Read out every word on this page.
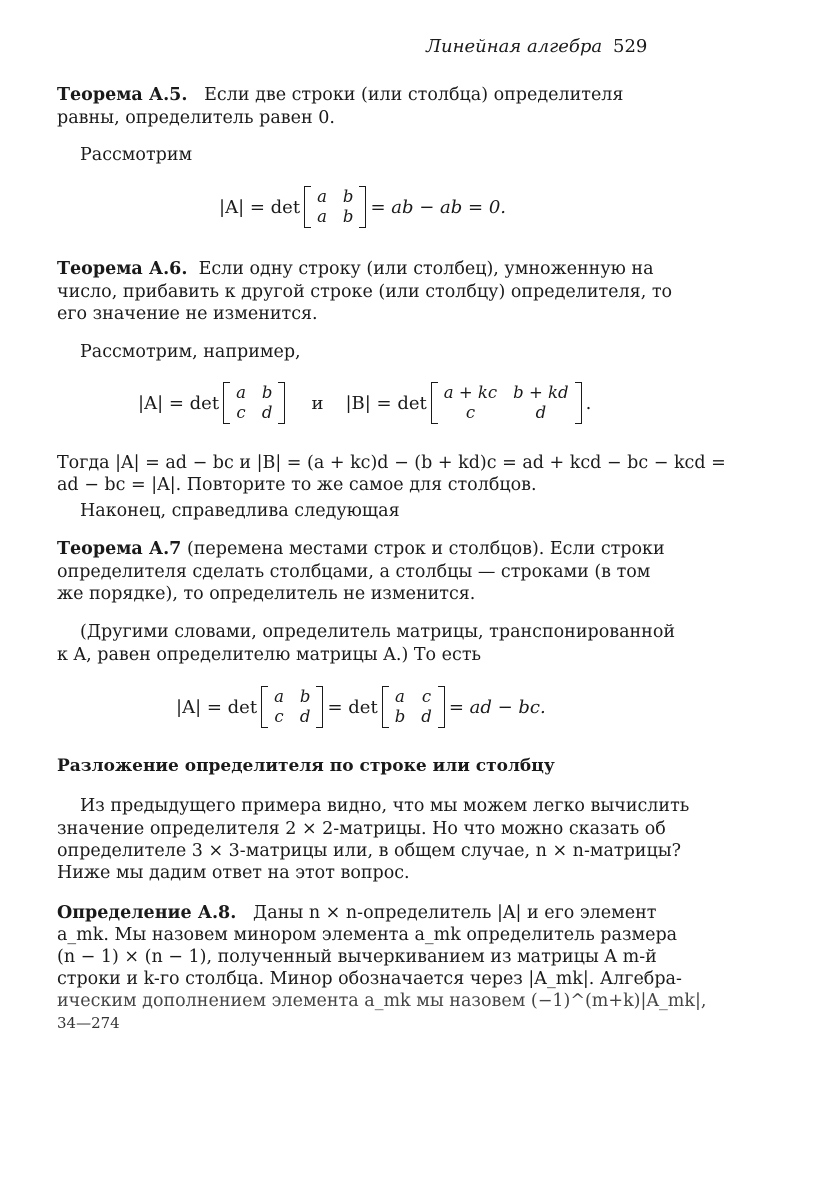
Линейная алгебра 529
Теорема А.5. Если две строки (или столбца) определителя
равны, определитель равен 0.
Рассмотрим
|A| = det a b
a b = ab − ab = 0.
Теорема А.6. Если одну строку (или столбец), умноженную на
число, прибавить к другой строке (или столбцу) определителя, то
его значение не изменится.
Рассмотрим, например,
|A| = det a b
c d и |B| = det a + kc b + kd
c	d	.
Тогда |A| = ad − bc и |B| = (a + kc)d − (b + kd)c = ad + kcd − bc − kcd =
ad − bc = |A|. Повторите то же самое для столбцов.
Наконец, справедлива следующая
Теорема А.7 (перемена местами строк и столбцов). Если строки
определителя сделать столбцами, а столбцы — строками (в том
же порядке), то определитель не изменится.
(Другими словами, определитель матрицы, транспонированной
к A, равен определителю матрицы A.) То есть
|A| = det a b
c d = det a c
b d = ad − bc.
Разложение определителя по строке или столбцу
Из предыдущего примера видно, что мы можем легко вычислить
значение определителя 2 × 2-матрицы. Но что можно сказать об
определителе 3 × 3-матрицы или, в общем случае, n × n-матрицы?
Ниже мы дадим ответ на этот вопрос.
Определение А.8. Даны n × n-определитель |A| и его элемент
a_mk. Мы назовем минором элемента a_mk определитель размера
(n − 1) × (n − 1), полученный вычеркиванием из матрицы A m-й
строки и k-го столбца. Минор обозначается через |A_mk|. Алгебра-
ическим дополнением элемента a_mk мы назовем (−1)^(m+k)|A_mk|,
34—274
